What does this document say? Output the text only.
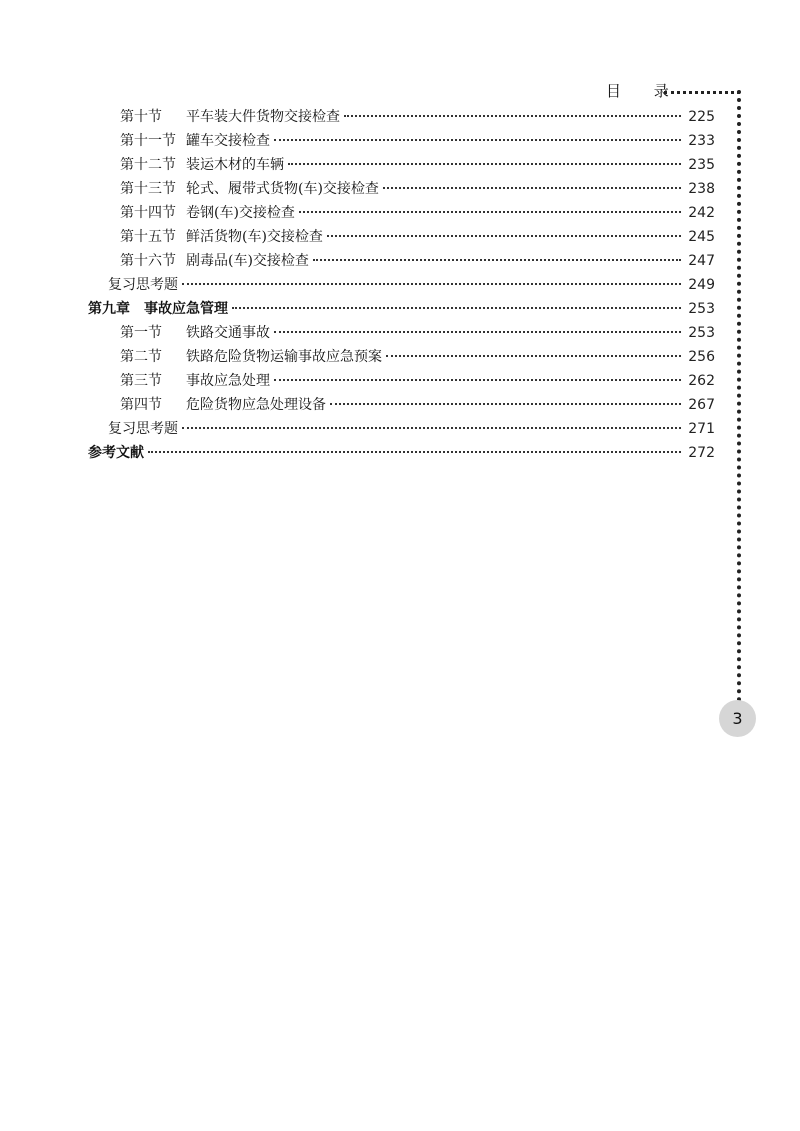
目 录
第十节 平车装大件货物交接检查	225
第十一节 罐车交接检查	233
第十二节 装运木材的车辆	235
第十三节 轮式、履带式货物(车)交接检查	238
第十四节 卷钢(车)交接检查	242
第十五节 鲜活货物(车)交接检查	245
第十六节 剧毒品(车)交接检查	247
复习思考题	249
第九章 事故应急管理	253
第一节 铁路交通事故	253
第二节 铁路危险货物运输事故应急预案	256
第三节 事故应急处理	262
第四节 危险货物应急处理设备	267
复习思考题	271
参考文献	272
3
